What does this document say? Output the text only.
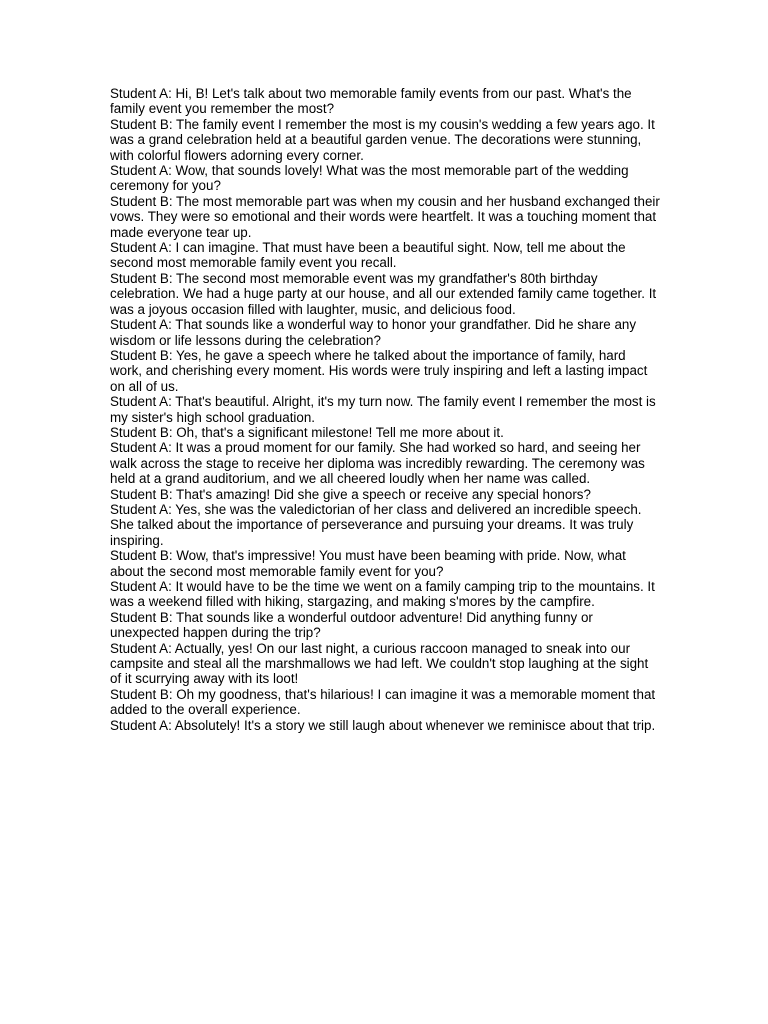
Student A: Hi, B! Let's talk about two memorable family events from our past. What's the family event you remember the most?

Student B: The family event I remember the most is my cousin's wedding a few years ago. It was a grand celebration held at a beautiful garden venue. The decorations were stunning, with colorful flowers adorning every corner.

Student A: Wow, that sounds lovely! What was the most memorable part of the wedding ceremony for you?

Student B: The most memorable part was when my cousin and her husband exchanged their vows. They were so emotional and their words were heartfelt. It was a touching moment that made everyone tear up.

Student A: I can imagine. That must have been a beautiful sight. Now, tell me about the second most memorable family event you recall.

Student B: The second most memorable event was my grandfather's 80th birthday celebration. We had a huge party at our house, and all our extended family came together. It was a joyous occasion filled with laughter, music, and delicious food.

Student A: That sounds like a wonderful way to honor your grandfather. Did he share any wisdom or life lessons during the celebration?

Student B: Yes, he gave a speech where he talked about the importance of family, hard work, and cherishing every moment. His words were truly inspiring and left a lasting impact on all of us.

Student A: That's beautiful. Alright, it's my turn now. The family event I remember the most is my sister's high school graduation.

Student B: Oh, that's a significant milestone! Tell me more about it.

Student A: It was a proud moment for our family. She had worked so hard, and seeing her walk across the stage to receive her diploma was incredibly rewarding. The ceremony was held at a grand auditorium, and we all cheered loudly when her name was called.

Student B: That's amazing! Did she give a speech or receive any special honors?

Student A: Yes, she was the valedictorian of her class and delivered an incredible speech. She talked about the importance of perseverance and pursuing your dreams. It was truly inspiring.

Student B: Wow, that's impressive! You must have been beaming with pride. Now, what about the second most memorable family event for you?

Student A: It would have to be the time we went on a family camping trip to the mountains. It was a weekend filled with hiking, stargazing, and making s'mores by the campfire.

Student B: That sounds like a wonderful outdoor adventure! Did anything funny or unexpected happen during the trip?

Student A: Actually, yes! On our last night, a curious raccoon managed to sneak into our campsite and steal all the marshmallows we had left. We couldn't stop laughing at the sight of it scurrying away with its loot!

Student B: Oh my goodness, that's hilarious! I can imagine it was a memorable moment that added to the overall experience.

Student A: Absolutely! It's a story we still laugh about whenever we reminisce about that trip.
